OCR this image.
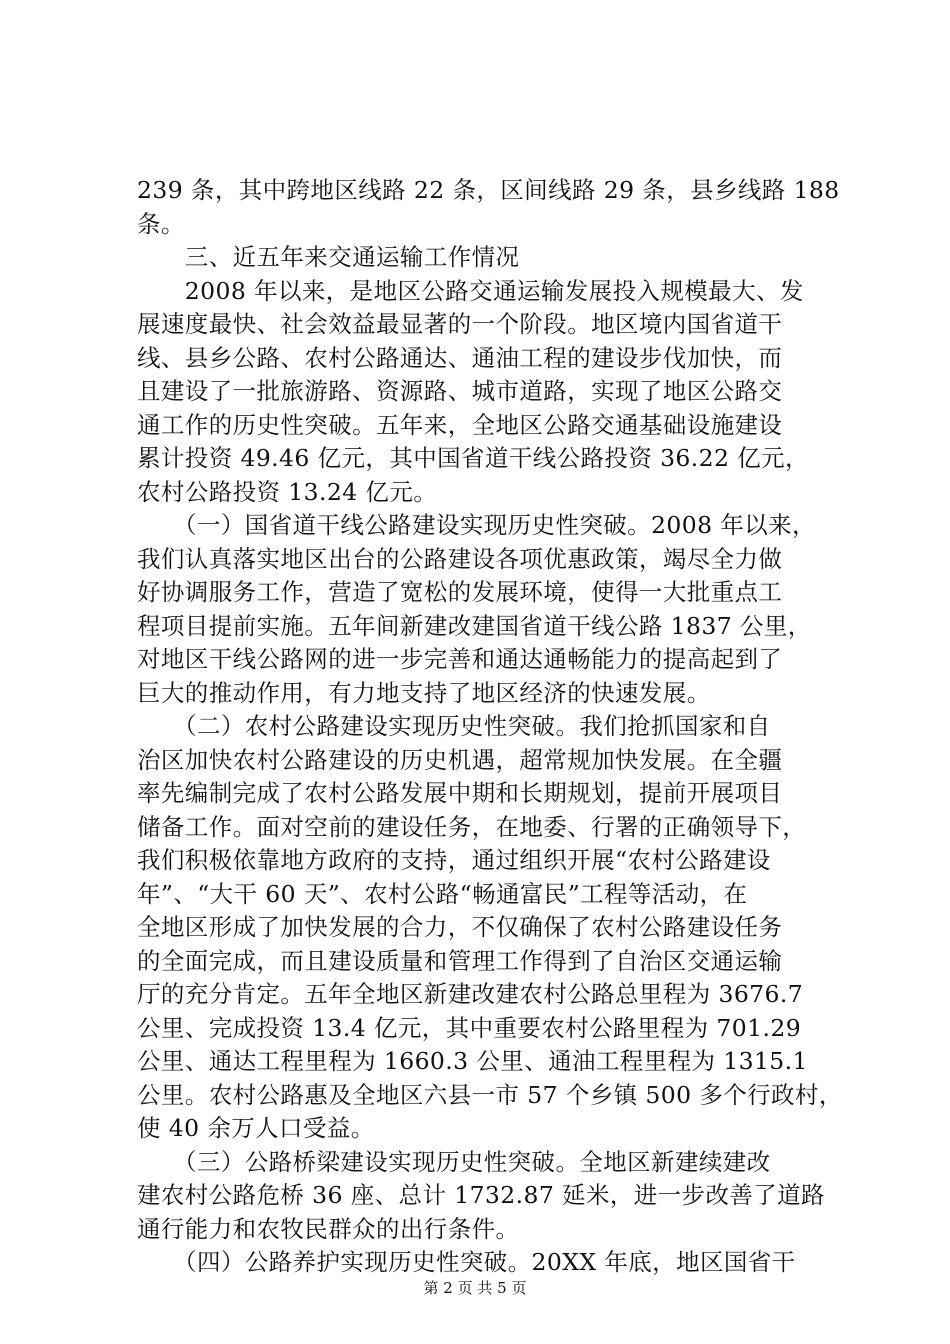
239 条，其中跨地区线路 22 条，区间线路 29 条，县乡线路 188
条。
　　三、近五年来交通运输工作情况
　　2008 年以来，是地区公路交通运输发展投入规模最大、发
展速度最快、社会效益最显著的一个阶段。地区境内国省道干
线、县乡公路、农村公路通达、通油工程的建设步伐加快，而
且建设了一批旅游路、资源路、城市道路，实现了地区公路交
通工作的历史性突破。五年来，全地区公路交通基础设施建设
累计投资 49.46 亿元，其中国省道干线公路投资 36.22 亿元，
农村公路投资 13.24 亿元。
　　（一）国省道干线公路建设实现历史性突破。2008 年以来，
我们认真落实地区出台的公路建设各项优惠政策，竭尽全力做
好协调服务工作，营造了宽松的发展环境，使得一大批重点工
程项目提前实施。五年间新建改建国省道干线公路 1837 公里，
对地区干线公路网的进一步完善和通达通畅能力的提高起到了
巨大的推动作用，有力地支持了地区经济的快速发展。
　　（二）农村公路建设实现历史性突破。我们抢抓国家和自
治区加快农村公路建设的历史机遇，超常规加快发展。在全疆
率先编制完成了农村公路发展中期和长期规划，提前开展项目
储备工作。面对空前的建设任务，在地委、行署的正确领导下，
我们积极依靠地方政府的支持，通过组织开展“农村公路建设
年”、“大干 60 天”、农村公路“畅通富民”工程等活动，在
全地区形成了加快发展的合力，不仅确保了农村公路建设任务
的全面完成，而且建设质量和管理工作得到了自治区交通运输
厅的充分肯定。五年全地区新建改建农村公路总里程为 3676.7
公里、完成投资 13.4 亿元，其中重要农村公路里程为 701.29
公里、通达工程里程为 1660.3 公里、通油工程里程为 1315.1
公里。农村公路惠及全地区六县一市 57 个乡镇 500 多个行政村，
使 40 余万人口受益。
　　（三）公路桥梁建设实现历史性突破。全地区新建续建改
建农村公路危桥 36 座、总计 1732.87 延米，进一步改善了道路
通行能力和农牧民群众的出行条件。
　　（四）公路养护实现历史性突破。20XX 年底，地区国省干
第 2 页 共 5 页
